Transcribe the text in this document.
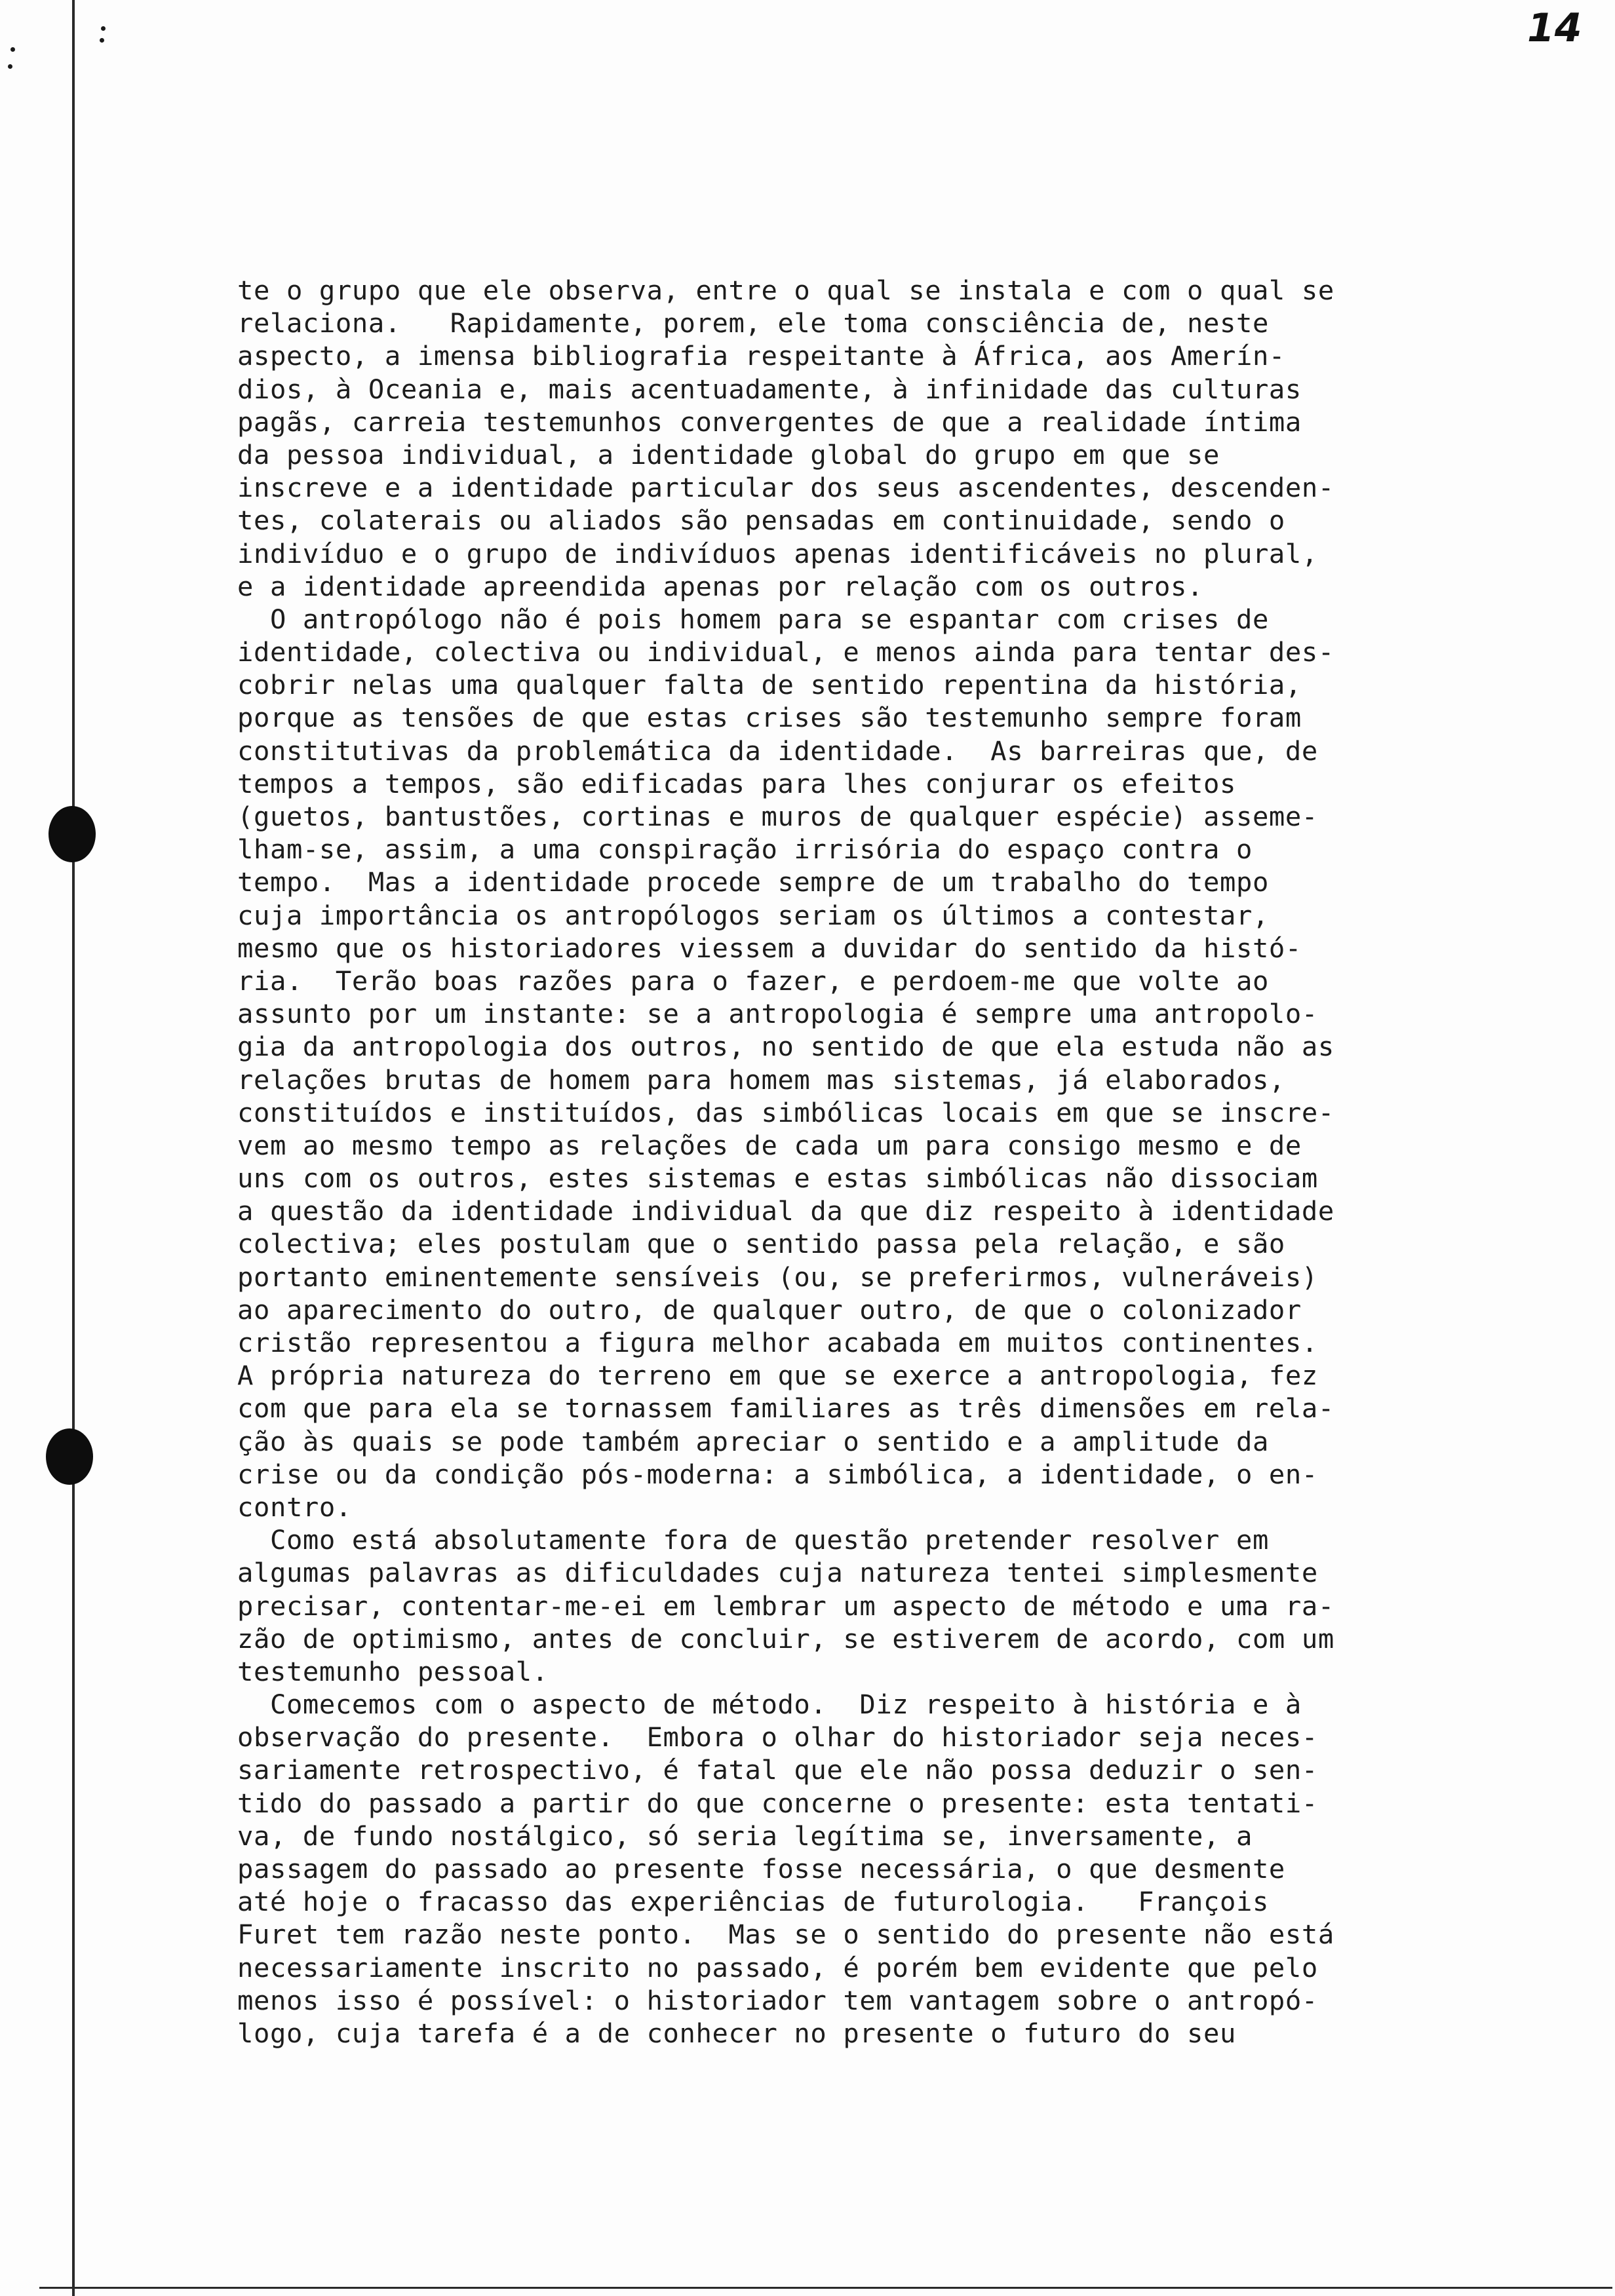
14
te o grupo que ele observa, entre o qual se instala e com o qual se
relaciona.   Rapidamente, porem, ele toma consciência de, neste
aspecto, a imensa bibliografia respeitante à África, aos Amerín-
dios, à Oceania e, mais acentuadamente, à infinidade das culturas
pagãs, carreia testemunhos convergentes de que a realidade íntima
da pessoa individual, a identidade global do grupo em que se
inscreve e a identidade particular dos seus ascendentes, descenden-
tes, colaterais ou aliados são pensadas em continuidade, sendo o
indivíduo e o grupo de indivíduos apenas identificáveis no plural,
e a identidade apreendida apenas por relação com os outros.
O antropólogo não é pois homem para se espantar com crises de
identidade, colectiva ou individual, e menos ainda para tentar des-
cobrir nelas uma qualquer falta de sentido repentina da história,
porque as tensões de que estas crises são testemunho sempre foram
constitutivas da problemática da identidade.  As barreiras que, de
tempos a tempos, são edificadas para lhes conjurar os efeitos
(guetos, bantustões, cortinas e muros de qualquer espécie) asseme-
lham-se, assim, a uma conspiração irrisória do espaço contra o
tempo.  Mas a identidade procede sempre de um trabalho do tempo
cuja importância os antropólogos seriam os últimos a contestar,
mesmo que os historiadores viessem a duvidar do sentido da histó-
ria.  Terão boas razões para o fazer, e perdoem-me que volte ao
assunto por um instante: se a antropologia é sempre uma antropolo-
gia da antropologia dos outros, no sentido de que ela estuda não as
relações brutas de homem para homem mas sistemas, já elaborados,
constituídos e instituídos, das simbólicas locais em que se inscre-
vem ao mesmo tempo as relações de cada um para consigo mesmo e de
uns com os outros, estes sistemas e estas simbólicas não dissociam
a questão da identidade individual da que diz respeito à identidade
colectiva; eles postulam que o sentido passa pela relação, e são
portanto eminentemente sensíveis (ou, se preferirmos, vulneráveis)
ao aparecimento do outro, de qualquer outro, de que o colonizador
cristão representou a figura melhor acabada em muitos continentes.
A própria natureza do terreno em que se exerce a antropologia, fez
com que para ela se tornassem familiares as três dimensões em rela-
ção às quais se pode também apreciar o sentido e a amplitude da
crise ou da condição pós-moderna: a simbólica, a identidade, o en-
contro.
Como está absolutamente fora de questão pretender resolver em
algumas palavras as dificuldades cuja natureza tentei simplesmente
precisar, contentar-me-ei em lembrar um aspecto de método e uma ra-
zão de optimismo, antes de concluir, se estiverem de acordo, com um
testemunho pessoal.
Comecemos com o aspecto de método.  Diz respeito à história e à
observação do presente.  Embora o olhar do historiador seja neces-
sariamente retrospectivo, é fatal que ele não possa deduzir o sen-
tido do passado a partir do que concerne o presente: esta tentati-
va, de fundo nostálgico, só seria legítima se, inversamente, a
passagem do passado ao presente fosse necessária, o que desmente
até hoje o fracasso das experiências de futurologia.   François
Furet tem razão neste ponto.  Mas se o sentido do presente não está
necessariamente inscrito no passado, é porém bem evidente que pelo
menos isso é possível: o historiador tem vantagem sobre o antropó-
logo, cuja tarefa é a de conhecer no presente o futuro do seu
